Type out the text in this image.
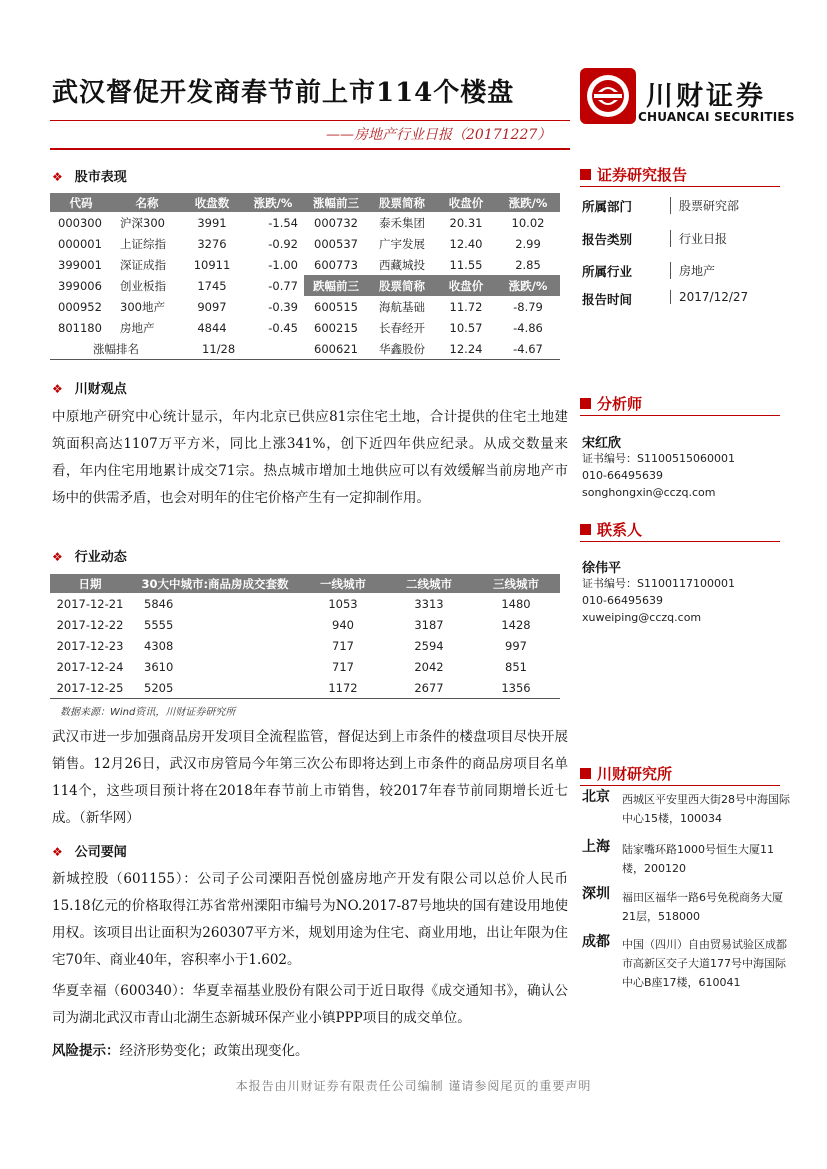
武汉督促开发商春节前上市114个楼盘	川财证券
CHUANCAI SECURITIES
——房地产行业日报（20171227）
❖ 股市表现
代码	名称	收盘数	涨跌/%	涨幅前三	股票简称	收盘价	涨跌/%
000300	沪深300	3991	-1.54	000732	泰禾集团	20.31	10.02
000001	上证综指	3276	-0.92	000537	广宇发展	12.40	2.99
399001	深证成指	10911	-1.00	600773	西藏城投	11.55	2.85
399006	创业板指	1745	-0.77	跌幅前三	股票简称	收盘价	涨跌/%
000952	300地产	9097	-0.39	600515	海航基础	11.72	-8.79
801180	房地产	4844	-0.45	600215	长春经开	10.57	-4.86
涨幅排名		11/28		600621	华鑫股份	12.24	-4.67
❖ 川财观点
中原地产研究中心统计显示，年内北京已供应81宗住宅土地，合计提供的住宅土地建筑面积高达1107万平方米，同比上涨341%，创下近四年供应纪录。从成交数量来看，年内住宅用地累计成交71宗。热点城市增加土地供应可以有效缓解当前房地产市场中的供需矛盾，也会对明年的住宅价格产生有一定抑制作用。
❖ 行业动态
日期	30大中城市:商品房成交套数	一线城市	二线城市	三线城市
2017-12-21	5846	1053	3313	1480
2017-12-22	5555	940	3187	1428
2017-12-23	4308	717	2594	997
2017-12-24	3610	717	2042	851
2017-12-25	5205	1172	2677	1356
数据来源：Wind资讯，川财证券研究所
武汉市进一步加强商品房开发项目全流程监管，督促达到上市条件的楼盘项目尽快开展销售。12月26日，武汉市房管局今年第三次公布即将达到上市条件的商品房项目名单114个，这些项目预计将在2018年春节前上市销售，较2017年春节前同期增长近七成。（新华网）
❖ 公司要闻
新城控股（601155）：公司子公司溧阳吾悦创盛房地产开发有限公司以总价人民币15.18亿元的价格取得江苏省常州溧阳市编号为NO.2017-87号地块的国有建设用地使用权。该项目出让面积为260307平方米，规划用途为住宅、商业用地，出让年限为住宅70年、商业40年，容积率小于1.602。
华夏幸福（600340）：华夏幸福基业股份有限公司于近日取得《成交通知书》，确认公司为湖北武汉市青山北湖生态新城环保产业小镇PPP项目的成交单位。
风险提示：经济形势变化；政策出现变化。
证券研究报告
所属部门	股票研究部
报告类别	行业日报
所属行业	房地产
报告时间	2017/12/27
分析师
宋红欣
证书编号：S1100515060001
010-66495639
songhongxin@cczq.com
联系人
徐伟平
证书编号：S1100117100001
010-66495639
xuweiping@cczq.com
川财研究所
北京 西城区平安里西大街28号中海国际中心15楼，100034
上海 陆家嘴环路1000号恒生大厦11楼，200120
深圳 福田区福华一路6号免税商务大厦21层，518000
成都 中国（四川）自由贸易试验区成都市高新区交子大道177号中海国际中心B座17楼，610041
本报告由川财证券有限责任公司编制 谨请参阅尾页的重要声明
